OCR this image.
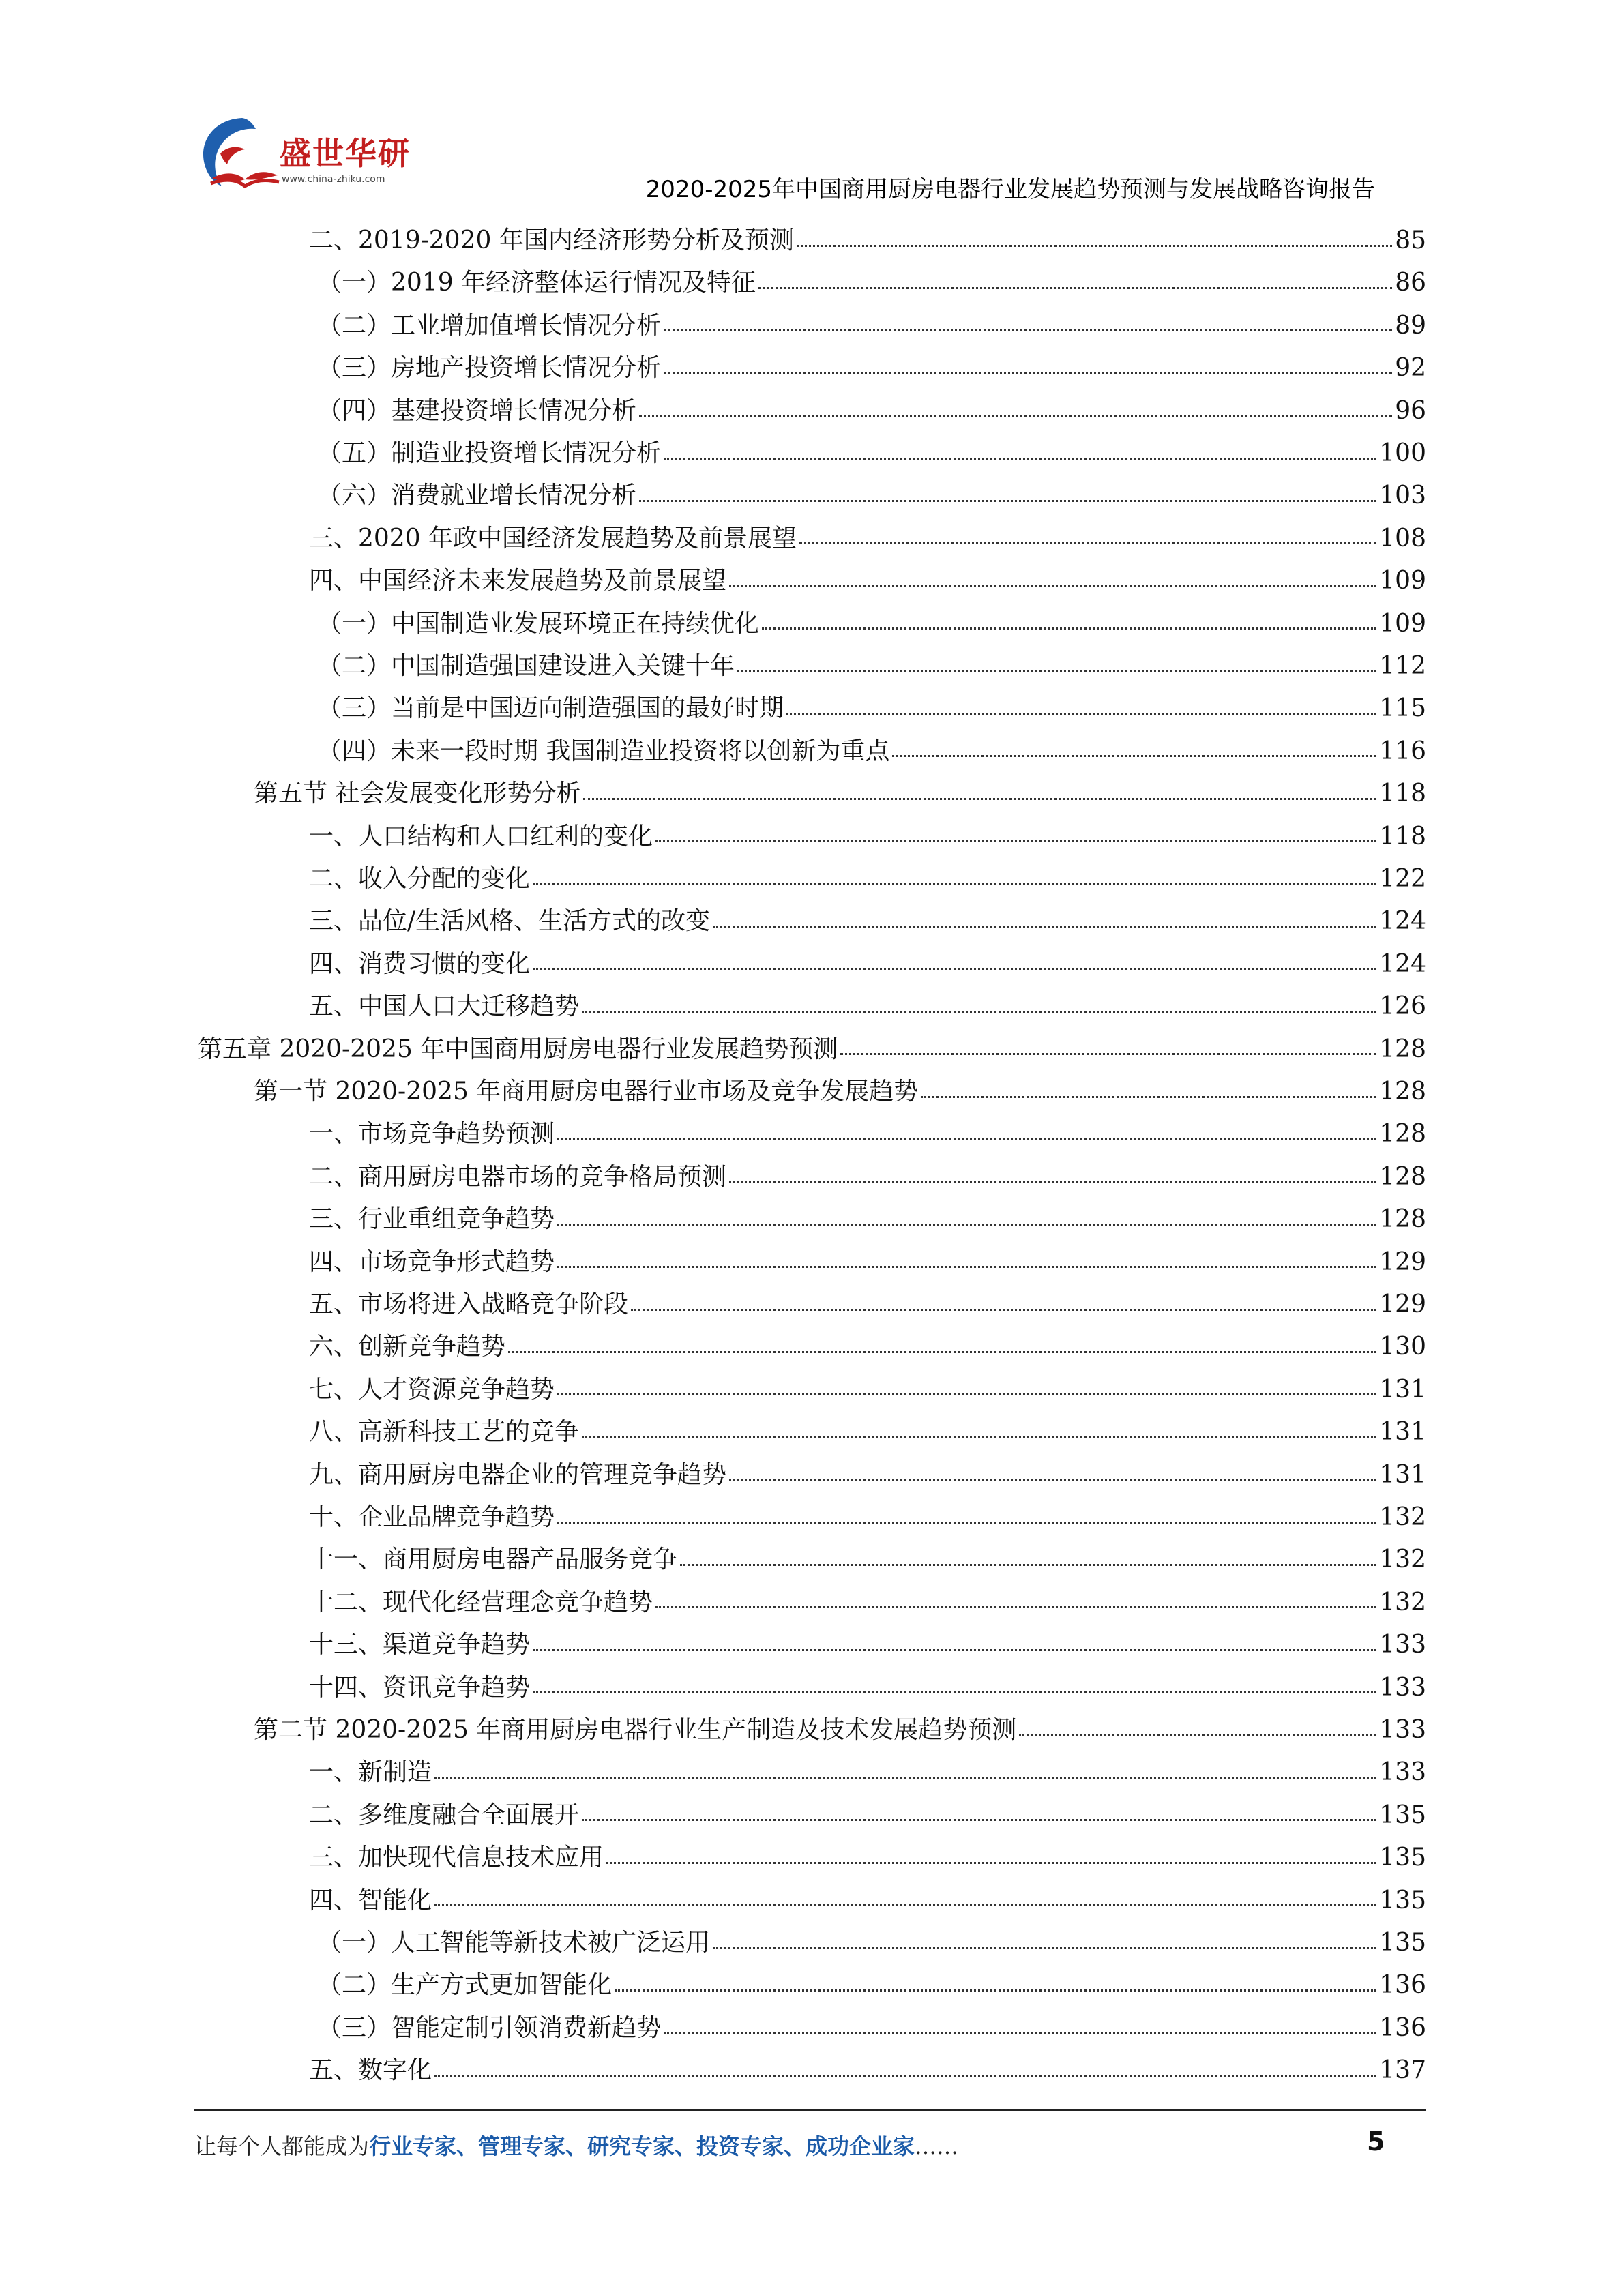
盛世华研
www.china-zhiku.com	2020-2025年中国商用厨房电器行业发展趋势预测与发展战略咨询报告
二、2019-2020 年国内经济形势分析及预测	85
（一）2019 年经济整体运行情况及特征	86
（二）工业增加值增长情况分析	89
（三）房地产投资增长情况分析	92
（四）基建投资增长情况分析	96
（五）制造业投资增长情况分析	100
（六）消费就业增长情况分析	103
三、2020 年政中国经济发展趋势及前景展望	108
四、中国经济未来发展趋势及前景展望	109
（一）中国制造业发展环境正在持续优化	109
（二）中国制造强国建设进入关键十年	112
（三）当前是中国迈向制造强国的最好时期	115
（四）未来一段时期 我国制造业投资将以创新为重点	116
第五节 社会发展变化形势分析	118
一、人口结构和人口红利的变化	118
二、收入分配的变化	122
三、品位/生活风格、生活方式的改变	124
四、消费习惯的变化	124
五、中国人口大迁移趋势	126
第五章 2020-2025 年中国商用厨房电器行业发展趋势预测	128
第一节 2020-2025 年商用厨房电器行业市场及竞争发展趋势	128
一、市场竞争趋势预测	128
二、商用厨房电器市场的竞争格局预测	128
三、行业重组竞争趋势	128
四、市场竞争形式趋势	129
五、市场将进入战略竞争阶段	129
六、创新竞争趋势	130
七、人才资源竞争趋势	131
八、高新科技工艺的竞争	131
九、商用厨房电器企业的管理竞争趋势	131
十、企业品牌竞争趋势	132
十一、商用厨房电器产品服务竞争	132
十二、现代化经营理念竞争趋势	132
十三、渠道竞争趋势	133
十四、资讯竞争趋势	133
第二节 2020-2025 年商用厨房电器行业生产制造及技术发展趋势预测	133
一、新制造	133
二、多维度融合全面展开	135
三、加快现代信息技术应用	135
四、智能化	135
（一）人工智能等新技术被广泛运用	135
（二）生产方式更加智能化	136
（三）智能定制引领消费新趋势	136
五、数字化	137
让每个人都能成为行业专家、管理专家、研究专家、投资专家、成功企业家……	5
